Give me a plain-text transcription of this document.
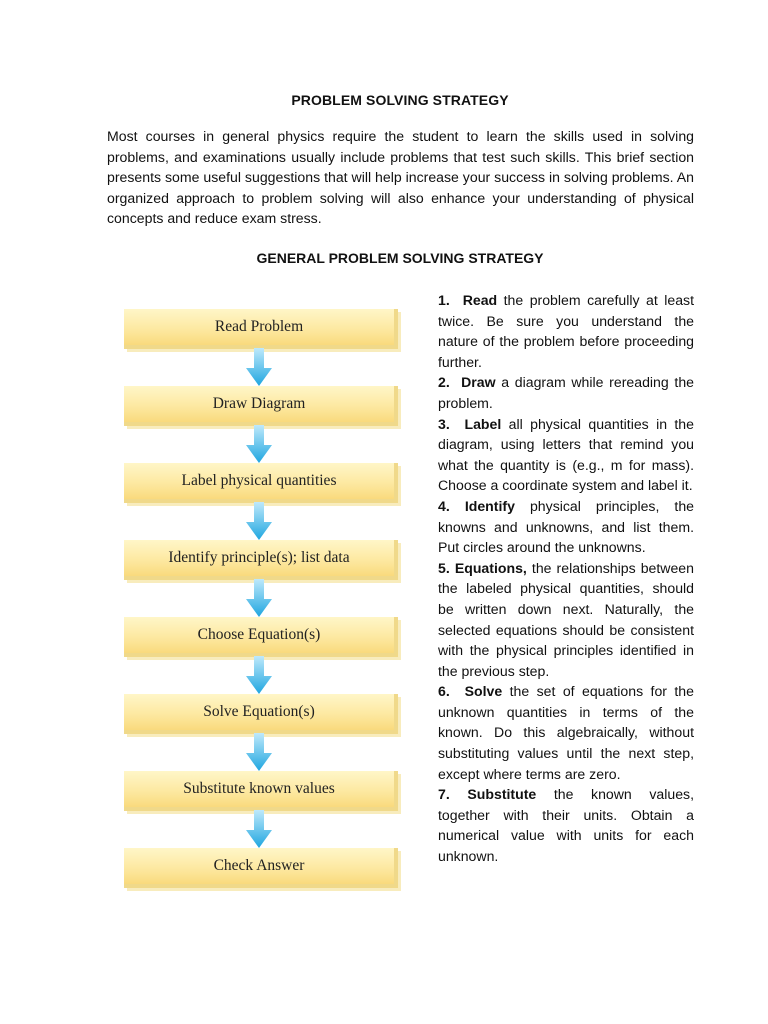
PROBLEM SOLVING STRATEGY

Most courses in general physics require the student to learn the skills used in solving problems, and examinations usually include problems that test such skills. This brief section presents some useful suggestions that will help increase your success in solving problems. An organized approach to problem solving will also enhance your understanding of physical concepts and reduce exam stress.

GENERAL PROBLEM SOLVING STRATEGY
Read Problem
Draw Diagram
Label physical quantities
Identify principle(s); list data
Choose Equation(s)
Solve Equation(s)
Substitute known values
Check Answer
1. Read the problem carefully at least twice. Be sure you understand the nature of the problem before proceeding further.
2. Draw a diagram while rereading the problem.
3. Label all physical quantities in the diagram, using letters that remind you what the quantity is (e.g., m for mass). Choose a coordinate system and label it.
4. Identify physical principles, the knowns and unknowns, and list them. Put circles around the unknowns.
5. Equations, the relationships between the labeled physical quantities, should be written down next. Naturally, the selected equations should be consistent with the physical principles identified in the previous step.
6. Solve the set of equations for the unknown quantities in terms of the known. Do this algebraically, without substituting values until the next step, except where terms are zero.
7. Substitute the known values, together with their units. Obtain a numerical value with units for each unknown.
